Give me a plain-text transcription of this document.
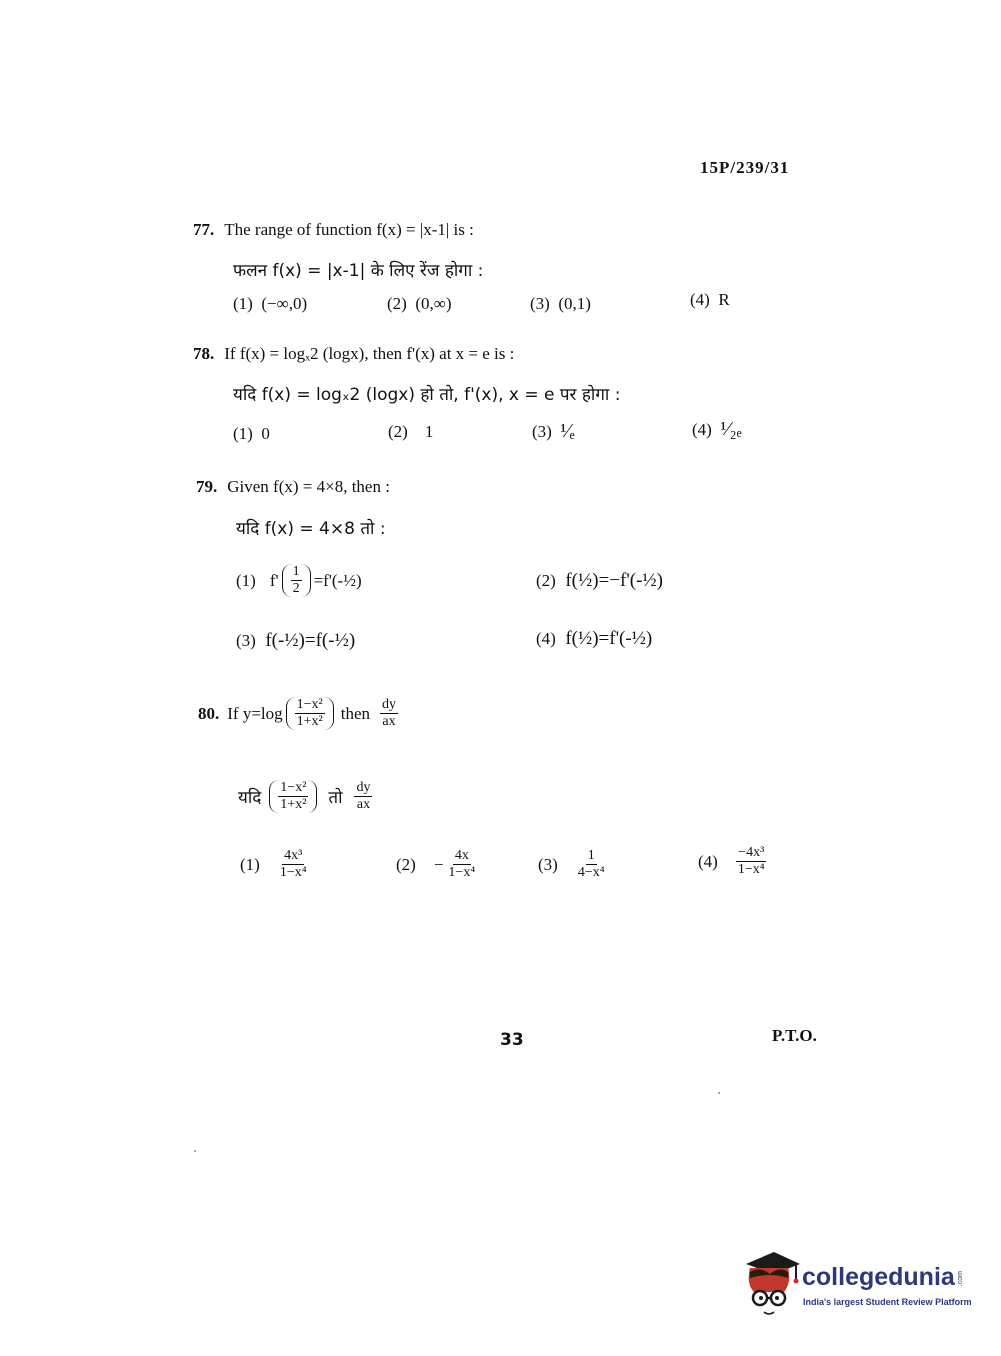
15P/239/31
77. The range of function f(x) = |x-1| is :
फलन f(x) = |x-1| के लिए रेंज होगा :
(1) (−∞,0)	(2) (0,∞)	(3) (0,1)	(4) R
78. If f(x) = logₓ2 (logx), then f'(x) at x = e is :
यदि f(x) = logₓ2 (logx) हो तो, f'(x), x = e पर होगा :
(1) 0	(2) 1	(3) ¹⁄ₑ	(4) ¹⁄₂ₑ
79. Given f(x) = 4×8, then :
यदि f(x) = 4×8 तो :
(1) $f' \frac{1}{2}$ =f'(-½)	(2) f(½)=−f'(-½)
(3) f(-½)=f(-½)	(4) f(½)=f'(-½)
80. If $y=\log \frac{\text{1−x²}}{\text{1+x²}}$ then $\frac{dy}{ax}$
यदि $\frac{\text{1−x²}}{\text{1+x²}}$ तो $\frac{dy}{ax}$
$(1) \frac{\text{4x³}}{\text{1−x⁴}}$	$(2) - \frac{4x}{\text{1−x⁴}}$	$(3) \frac{1}{\text{4−x⁴}}$	$(4) \frac{\text{−4x³}}{\text{1−x⁴}}$
33	P.T.O.
collegedunia .com
India's largest Student Review Platform
